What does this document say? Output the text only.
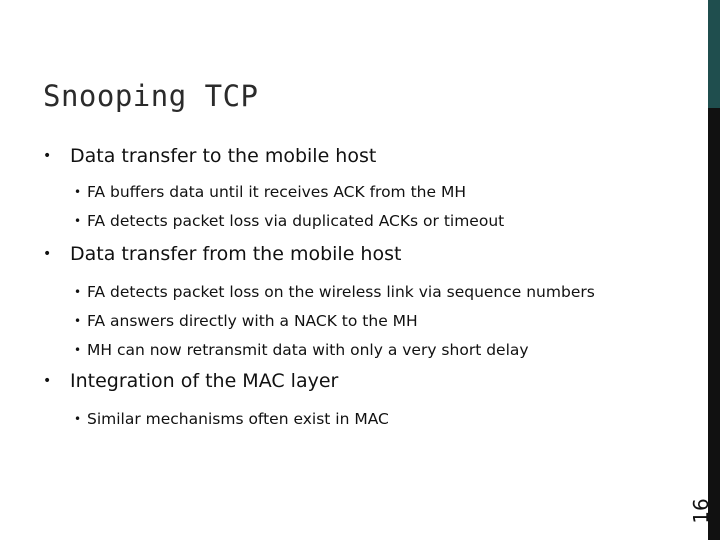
Snooping TCP
• Data transfer to the mobile host
• FA buffers data until it receives ACK from the MH
• FA detects packet loss via duplicated ACKs or timeout
• Data transfer from the mobile host
• FA detects packet loss on the wireless link via sequence numbers
• FA answers directly with a NACK to the MH
• MH can now retransmit data with only a very short delay
• Integration of the MAC layer
• Similar mechanisms often exist in MAC
16
